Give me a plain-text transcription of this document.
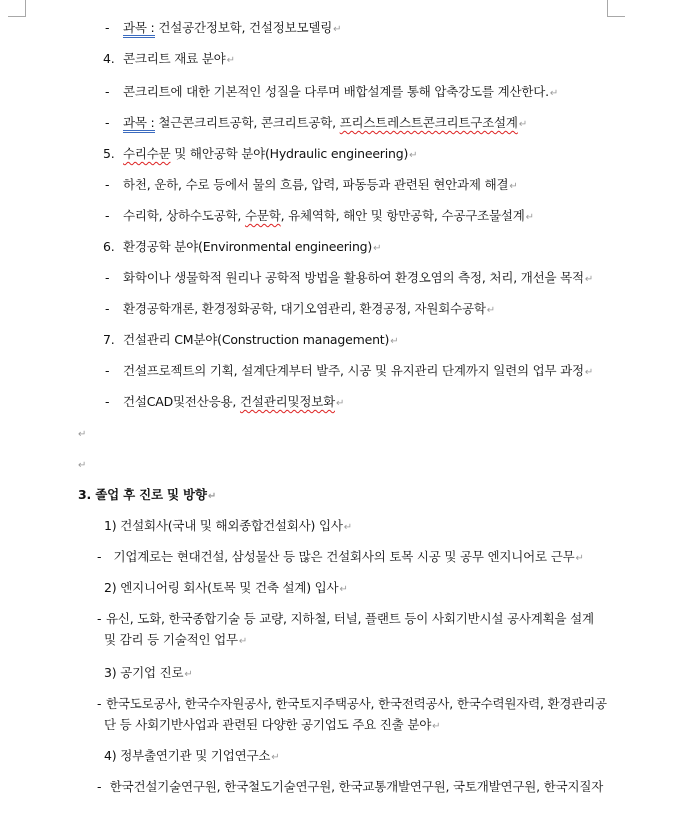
- 과목 : 건설공간정보학, 건설정보모델링↵
4. 콘크리트 재료 분야↵
- 콘크리트에 대한 기본적인 성질을 다루며 배합설계를 통해 압축강도를 계산한다.↵
- 과목 : 철근콘크리트공학, 콘크리트공학, 프리스트레스트콘크리트구조설계↵
5. 수리수문 및 해안공학 분야(Hydraulic engineering)↵
- 하천, 운하, 수로 등에서 물의 흐름, 압력, 파동등과 관련된 현안과제 해결↵
- 수리학, 상하수도공학, 수문학, 유체역학, 해안 및 항만공학, 수공구조물설계↵
6. 환경공학 분야(Environmental engineering)↵
- 화학이나 생물학적 원리나 공학적 방법을 활용하여 환경오염의 측정, 처리, 개선을 목적↵
- 환경공학개론, 환경정화공학, 대기오염관리, 환경공정, 자원회수공학↵
7. 건설관리 CM분야(Construction management)↵
- 건설프로젝트의 기획, 설계단계부터 발주, 시공 및 유지관리 단계까지 일련의 업무 과정↵
- 건설CAD및전산응용, 건설관리및정보화↵
↵
↵
3. 졸업 후 진로 및 방향↵
1) 건설회사(국내 및 해외종합건설회사) 입사↵
- 기업계로는 현대건설, 삼성물산 등 많은 건설회사의 토목 시공 및 공무 엔지니어로 근무↵
2) 엔지니어링 회사(토목 및 건축 설계) 입사↵
- 유신, 도화, 한국종합기술 등 교량, 지하철, 터널, 플랜트 등이 사회기반시설 공사계획을 설계
및 감리 등 기술적인 업무↵
3) 공기업 진로↵
- 한국도로공사, 한국수자원공사, 한국토지주택공사, 한국전력공사, 한국수력원자력, 환경관리공
단 등 사회기반사업과 관련된 다양한 공기업도 주요 진출 분야↵
4) 정부출연기관 및 기업연구소↵
- 한국건설기술연구원, 한국철도기술연구원, 한국교통개발연구원, 국토개발연구원, 한국지질자
